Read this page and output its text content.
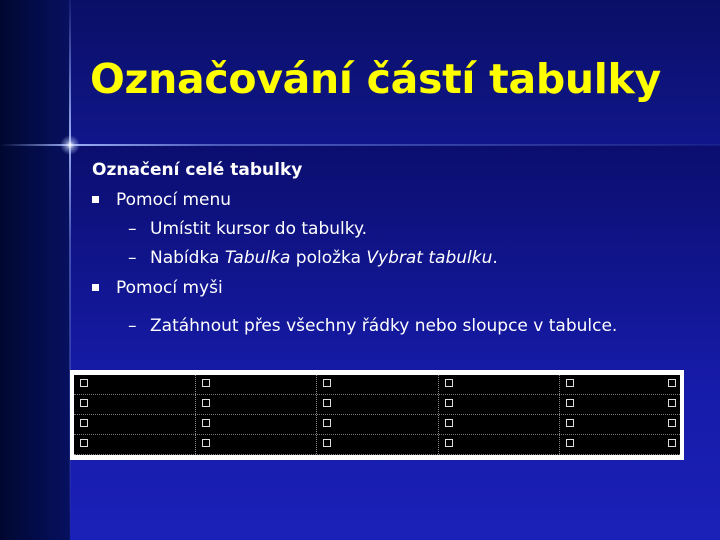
Označování částí tabulky
Označení celé tabulky
Pomocí menu
– Umístit kursor do tabulky.
– Nabídka Tabulka položka Vybrat tabulku.
Pomocí myši
– Zatáhnout přes všechny řádky nebo sloupce v tabulce.
